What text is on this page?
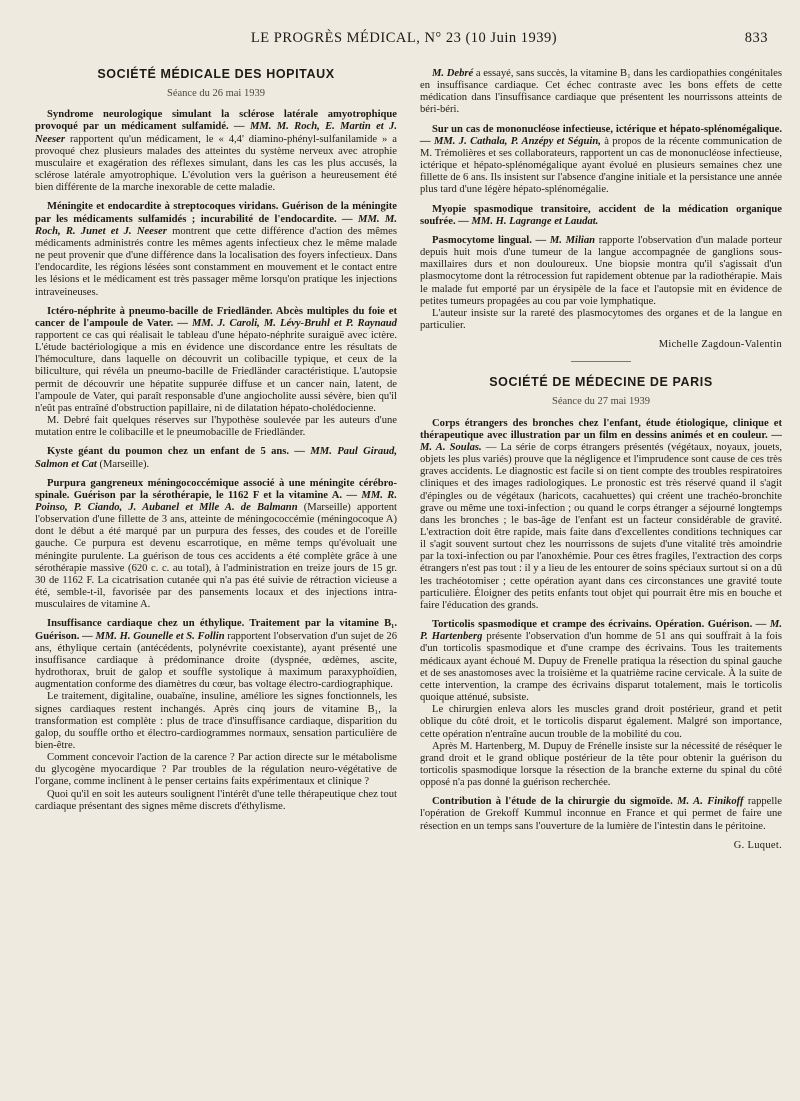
LE PROGRÈS MÉDICAL, N° 23 (10 Juin 1939)	833
SOCIÉTÉ MÉDICALE DES HOPITAUX
Séance du 26 mai 1939

Syndrome neurologique simulant la sclérose latérale amyotrophique provoqué par un médicament sulfamidé. — MM. M. Roch, E. Martin et J. Neeser rapportent qu'un médicament, le « 4,4' diamino-phényl-sulfanilamide » a provoqué chez plusieurs malades des atteintes du système nerveux avec atrophie musculaire et exagération des réflexes simulant, dans les cas les plus accusés, la sclérose latérale amyotrophique. L'évolution vers la guérison a heureusement été bien différente de la marche inexorable de cette maladie.

Méningite et endocardite à streptocoques viridans. Guérison de la méningite par les médicaments sulfamidés ; incurabilité de l'endocardite. — MM. M. Roch, R. Junet et J. Neeser montrent que cette différence d'action des mêmes médicaments administrés contre les mêmes agents infectieux chez le même malade ne peut provenir que d'une différence dans la localisation des foyers infectieux. Dans l'endocardite, les régions lésées sont constamment en mouvement et le contact entre les lésions et le médicament est très passager même lorsqu'on pratique les injections intraveineuses.

Ictéro-néphrite à pneumo-bacille de Friedländer. Abcès multiples du foie et cancer de l'ampoule de Vater. — MM. J. Caroli, M. Lévy-Bruhl et P. Raynaud rapportent ce cas qui réalisait le tableau d'une hépato-néphrite suraiguë avec ictère. L'étude bactériologique a mis en évidence une discordance entre les résultats de l'hémoculture, dans laquelle on découvrit un colibacille typique, et ceux de la biliculture, qui révéla un pneumo-bacille de Friedländer caractéristique. L'autopsie permit de découvrir une hépatite suppurée diffuse et un cancer nain, latent, de l'ampoule de Vater, qui paraît responsable d'une angiocholite aussi sévère, bien qu'il n'eût pas entraîné d'obstruction papillaire, ni de dilatation hépato-cholédocienne.

M. Debré fait quelques réserves sur l'hypothèse soulevée par les auteurs d'une mutation entre le colibacille et le pneumobacille de Friedländer.

Kyste géant du poumon chez un enfant de 5 ans. — MM. Paul Giraud, Salmon et Cat (Marseille).

Purpura gangreneux méningococcémique associé à une méningite cérébro-spinale. Guérison par la sérothérapie, le 1162 F et la vitamine A. — MM. R. Poinso, P. Ciando, J. Aubanel et Mlle A. de Balmann (Marseille) apportent l'observation d'une fillette de 3 ans, atteinte de méningococcémie (méningocoque A) dont le début a été marqué par un purpura des fesses, des coudes et de l'oreille gauche. Ce purpura est devenu escarrotique, en même temps qu'évoluait une méningite purulente. La guérison de tous ces accidents a été complète grâce à une sérothérapie massive (620 c. c. au total), à l'administration en treize jours de 15 gr. 30 de 1162 F. La cicatrisation cutanée qui n'a pas été suivie de rétraction vicieuse a été, semble-t-il, favorisée par des pansements locaux et des injections intra-musculaires de vitamine A.

Insuffisance cardiaque chez un éthylique. Traitement par la vitamine B₁. Guérison. — MM. H. Gounelle et S. Follin rapportent l'observation d'un sujet de 26 ans, éthylique certain (antécédents, polynévrite coexistante), ayant présenté une insuffisance cardiaque à prédominance droite (dyspnée, œdèmes, ascite, hydrothorax, bruit de galop et souffle systolique à maximum paraxyphoïdien, augmentation conforme des diamètres du cœur, bas voltage électro-cardiographique.

Le traitement, digitaline, ouabaïne, insuline, améliore les signes fonctionnels, les signes cardiaques restent inchangés. Après cinq jours de vitamine B₁, la transformation est complète : plus de trace d'insuffisance cardiaque, disparition du galop, du souffle ortho et électro-cardiogrammes normaux, sensation particulière de bien-être.

Comment concevoir l'action de la carence ? Par action directe sur le métabolisme du glycogène myocardique ? Par troubles de la régulation neuro-végétative de l'organe, comme inclinent à le penser certains faits expérimentaux et clinique ?

Quoi qu'il en soit les auteurs soulignent l'intérêt d'une telle thérapeutique chez tout cardiaque présentant des signes même discrets d'éthylisme.

M. Debré a essayé, sans succès, la vitamine B₁ dans les cardiopathies congénitales en insuffisance cardiaque. Cet échec contraste avec les bons effets de cette médication dans l'insuffisance cardiaque que présentent les nourrissons atteints de béri-béri.

Sur un cas de mononucléose infectieuse, ictérique et hépato-splénomégalique. — MM. J. Cathala, P. Anzépy et Séguin, à propos de la récente communication de M. Trémolières et ses collaborateurs, rapportent un cas de mononucléose infectieuse, ictérique et hépato-splénomégalique ayant évolué en plusieurs semaines chez une fillette de 6 ans. Ils insistent sur l'absence d'angine initiale et la persistance une année plus tard d'une légère hépato-splénomégalie.

Myopie spasmodique transitoire, accident de la médication organique soufrée. — MM. H. Lagrange et Laudat.

Pasmocytome lingual. — M. Milian rapporte l'observation d'un malade porteur depuis huit mois d'une tumeur de la langue accompagnée de ganglions sous-maxillaires durs et non douloureux. Une biopsie montra qu'il s'agissait d'un plasmocytome dont la rétrocession fut rapidement obtenue par la radiothérapie. Mais le malade fut emporté par un érysipèle de la face et l'autopsie mit en évidence de petites tumeurs propagées au cou par voie lymphatique.

L'auteur insiste sur la rareté des plasmocytomes des organes et de la langue en particulier.

Michelle Zagdoun-Valentin
SOCIÉTÉ DE MÉDECINE DE PARIS
Séance du 27 mai 1939

Corps étrangers des bronches chez l'enfant, étude étiologique, clinique et thérapeutique avec illustration par un film en dessins animés et en couleur. — M. A. Soulas. — La série de corps étrangers présentés (végétaux, noyaux, jouets, objets les plus variés) prouve que la négligence et l'imprudence sont cause de ces très graves accidents. Le diagnostic est facile si on tient compte des troubles respiratoires cliniques et des images radiologiques. Le pronostic est très réservé quand il s'agit d'épingles ou de végétaux (haricots, cacahuettes) qui créent une trachéo-bronchite grave ou même une toxi-infection ; ou quand le corps étranger a séjourné longtemps dans les bronches ; le bas-âge de l'enfant est un facteur considérable de gravité. L'extraction doit être rapide, mais faite dans d'excellentes conditions techniques car il s'agit souvent surtout chez les nourrissons de sujets d'une vitalité très amoindrie par la toxi-infection ou par l'anoxhémie. Pour ces êtres fragiles, l'extraction des corps étrangers n'est pas tout : il y a lieu de les entourer de soins spéciaux surtout si on a dû les trachéotomiser ; cette opération ayant dans ces circonstances une gravité toute particulière. Éloigner des petits enfants tout objet qui pourrait être mis en bouche et faire l'éducation des grands.

Torticolis spasmodique et crampe des écrivains. Opération. Guérison. — M. P. Hartenberg présente l'observation d'un homme de 51 ans qui souffrait à la fois d'un torticolis spasmodique et d'une crampe des écrivains. Tous les traitements médicaux ayant échoué M. Dupuy de Frenelle pratiqua la résection du spinal gauche et de ses anastomoses avec la troisième et la quatrième racine cervicale. À la suite de cette intervention, la crampe des écrivains disparut totalement, mais le torticolis quoique atténué, subsiste.

Le chirurgien enleva alors les muscles grand droit postérieur, grand et petit oblique du côté droit, et le torticolis disparut également. Malgré son importance, cette opération n'entraîne aucun trouble de la mobilité du cou.

Après M. Hartenberg, M. Dupuy de Frénelle insiste sur la nécessité de réséquer le grand droit et le grand oblique postérieur de la tête pour obtenir la guérison du torticolis spasmodique lorsque la résection de la branche externe du spinal du côté opposé n'a pas donné la guérison recherchée.

Contribution à l'étude de la chirurgie du sigmoïde. M. A. Finikoff rappelle l'opération de Grekoff Kummul inconnue en France et qui permet de faire une résection en un temps sans l'ouverture de la lumière de l'intestin dans le péritoine.

G. Luquet.
